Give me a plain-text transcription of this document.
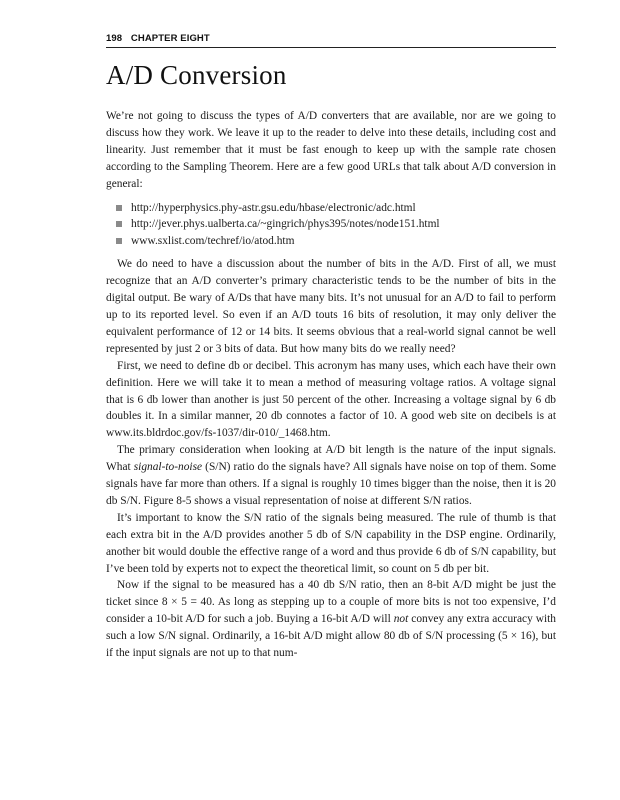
198 CHAPTER EIGHT
A/D Conversion

We’re not going to discuss the types of A/D converters that are available, nor are we going to discuss how they work. We leave it up to the reader to delve into these details, including cost and linearity. Just remember that it must be fast enough to keep up with the sample rate chosen according to the Sampling Theorem. Here are a few good URLs that talk about A/D conversion in general:

http://hyperphysics.phy-astr.gsu.edu/hbase/electronic/adc.html
http://jever.phys.ualberta.ca/~gingrich/phys395/notes/node151.html
www.sxlist.com/techref/io/atod.htm

We do need to have a discussion about the number of bits in the A/D. First of all, we must recognize that an A/D converter’s primary characteristic tends to be the number of bits in the digital output. Be wary of A/Ds that have many bits. It’s not unusual for an A/D to fail to perform up to its reported level. So even if an A/D touts 16 bits of resolution, it may only deliver the equivalent performance of 12 or 14 bits. It seems obvious that a real-world signal cannot be well represented by just 2 or 3 bits of data. But how many bits do we really need?

First, we need to define db or decibel. This acronym has many uses, which each have their own definition. Here we will take it to mean a method of measuring voltage ratios. A voltage signal that is 6 db lower than another is just 50 percent of the other. Increasing a voltage signal by 6 db doubles it. In a similar manner, 20 db connotes a factor of 10. A good web site on decibels is at www.its.bldrdoc.gov/fs-1037/dir-010/_1468.htm.

The primary consideration when looking at A/D bit length is the nature of the input signals. What signal-to-noise (S/N) ratio do the signals have? All signals have noise on top of them. Some signals have far more than others. If a signal is roughly 10 times bigger than the noise, then it is 20 db S/N. Figure 8-5 shows a visual representation of noise at different S/N ratios.

It’s important to know the S/N ratio of the signals being measured. The rule of thumb is that each extra bit in the A/D provides another 5 db of S/N capability in the DSP engine. Ordinarily, another bit would double the effective range of a word and thus provide 6 db of S/N capability, but I’ve been told by experts not to expect the theoretical limit, so count on 5 db per bit.

Now if the signal to be measured has a 40 db S/N ratio, then an 8-bit A/D might be just the ticket since 8 × 5 = 40. As long as stepping up to a couple of more bits is not too expensive, I’d consider a 10-bit A/D for such a job. Buying a 16-bit A/D will not convey any extra accuracy with such a low S/N signal. Ordinarily, a 16-bit A/D might allow 80 db of S/N processing (5 × 16), but if the input signals are not up to that num-
